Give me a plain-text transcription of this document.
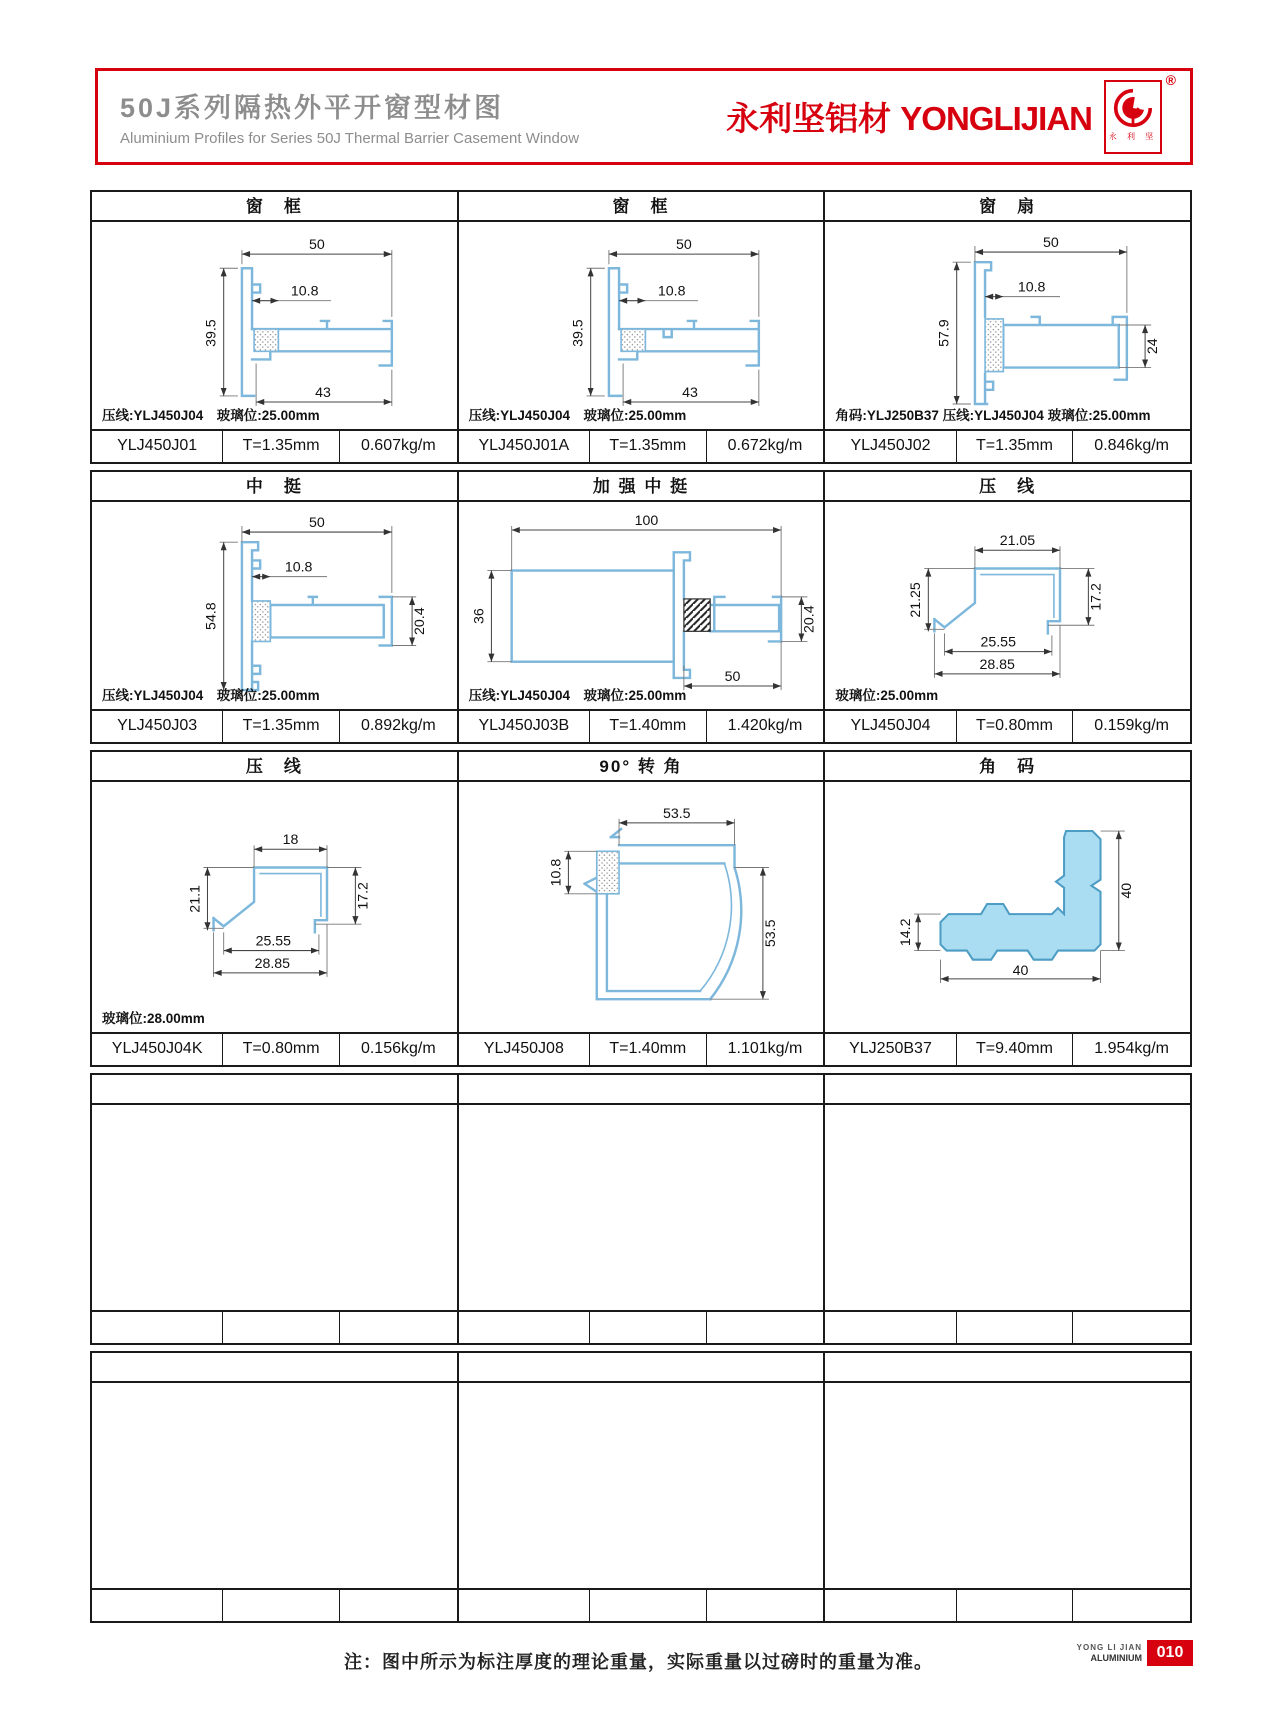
50J系列隔热外平开窗型材图
Aluminium Profiles for Series 50J Thermal Barrier Casement Window
永利坚铝材 YONGLIJIAN 永 利 坚
®
窗　框
50
10.8
39.5
43
压线:YLJ450J04　玻璃位:25.00mm
YLJ450J01	T=1.35mm	0.607kg/m
窗　框
50
10.8
39.5
43
压线:YLJ450J04　玻璃位:25.00mm
YLJ450J01A	T=1.35mm	0.672kg/m
窗　扇
50
10.8
57.9	24
角码:YLJ250B37 压线:YLJ450J04 玻璃位:25.00mm
YLJ450J02	T=1.35mm	0.846kg/m
中　挺
50
10.8
54.8	20.4
压线:YLJ450J04　玻璃位:25.00mm
YLJ450J03	T=1.35mm	0.892kg/m
加 强 中 挺
100
36
50
20.4
压线:YLJ450J04　玻璃位:25.00mm
YLJ450J03B	T=1.40mm	1.420kg/m
压　线
21.05
21.25	17.2
25.55
28.85
玻璃位:25.00mm
YLJ450J04	T=0.80mm	0.159kg/m
压　线
18
21.1	17.2
25.55
28.85
玻璃位:28.00mm
YLJ450J04K	T=0.80mm	0.156kg/m
90° 转 角
53.5
10.8
53.5
YLJ450J08	T=1.40mm	1.101kg/m
角　码
40
14.2
40
YLJ250B37	T=9.40mm	1.954kg/m
注：图中所示为标注厚度的理论重量，实际重量以过磅时的重量为准。
YONG LI JIAN
ALUMINIUM 010
